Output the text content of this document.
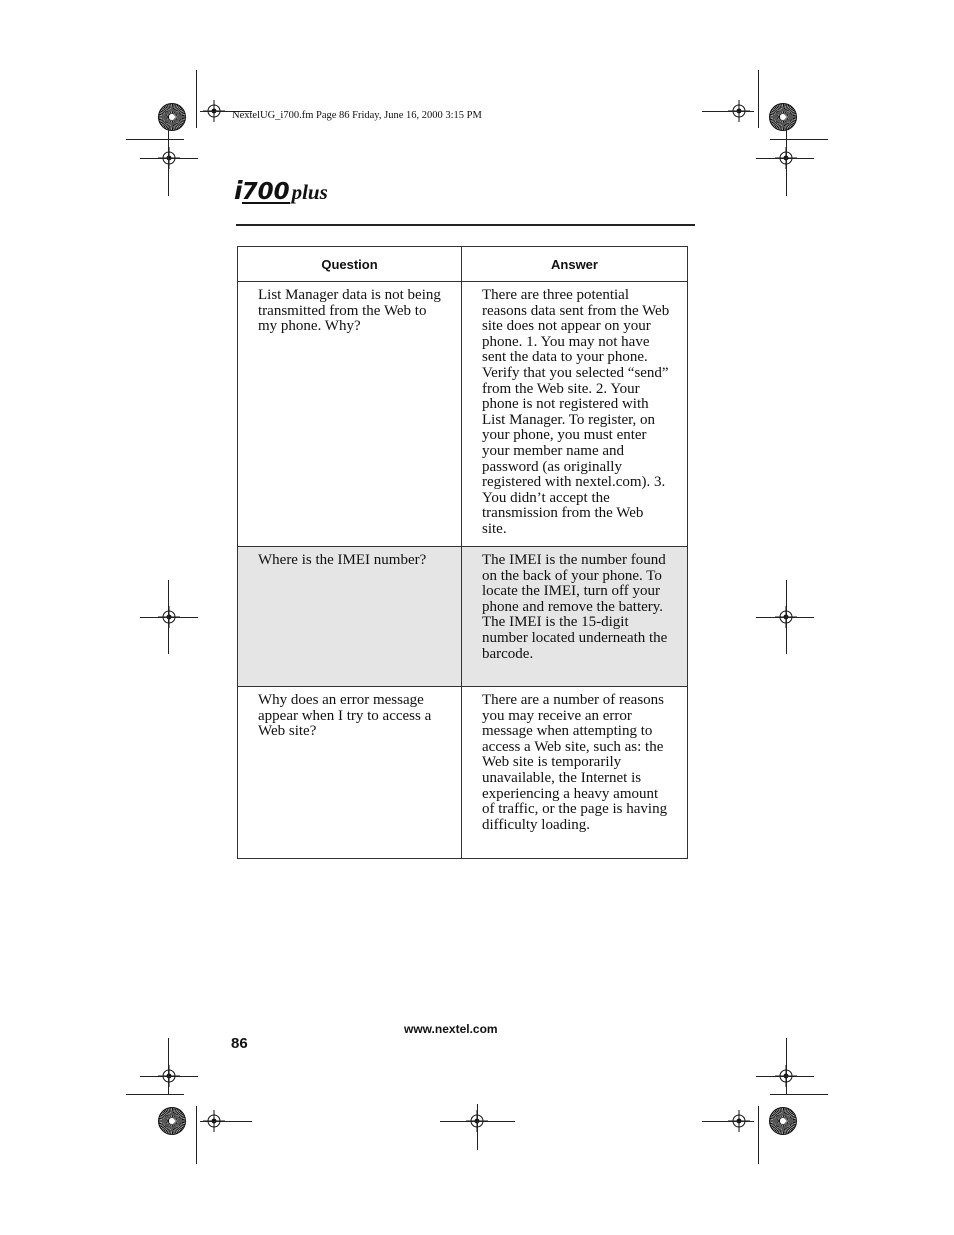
NextelUG_i700.fm Page 86 Friday, June 16, 2000 3:15 PM
i700plus
Question	Answer
List Manager data is not being transmitted from the Web to my phone. Why?	There are three potential reasons data sent from the Web site does not appear on your phone. 1. You may not have sent the data to your phone. Verify that you selected “send” from the Web site. 2. Your phone is not registered with List Manager. To register, on your phone, you must enter your member name and password (as originally registered with nextel.com). 3. You didn’t accept the transmission from the Web site.
Where is the IMEI number?	The IMEI is the number found on the back of your phone. To locate the IMEI, turn off your phone and remove the battery. The IMEI is the 15-digit number located underneath the barcode.
Why does an error message appear when I try to access a Web site?	There are a number of reasons you may receive an error message when attempting to access a Web site, such as: the Web site is temporarily unavailable, the Internet is experiencing a heavy amount of traffic, or the page is having difficulty loading.
www.nextel.com
86
